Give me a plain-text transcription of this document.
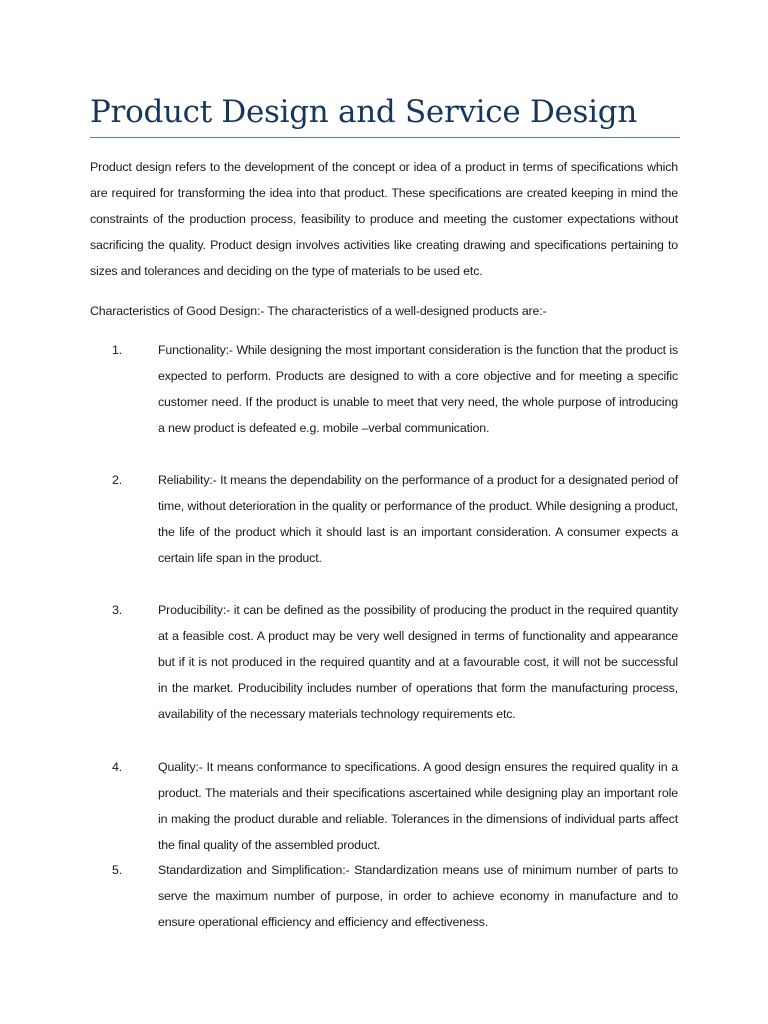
Product Design and Service Design

Product design refers to the development of the concept or idea of a product in terms of specifications which are required for transforming the idea into that product. These specifications are created keeping in mind the constraints of the production process, feasibility to produce and meeting the customer expectations without sacrificing the quality. Product design involves activities like creating drawing and specifications pertaining to sizes and tolerances and deciding on the type of materials to be used etc.

Characteristics of Good Design:- The characteristics of a well-designed products are:-

1.	Functionality:- While designing the most important consideration is the function that the product is expected to perform. Products are designed to with a core objective and for meeting a specific customer need. If the product is unable to meet that very need, the whole purpose of introducing a new product is defeated e.g. mobile –verbal communication.

2.	Reliability:- It means the dependability on the performance of a product for a designated period of time, without deterioration in the quality or performance of the product. While designing a product, the life of the product which it should last is an important consideration. A consumer expects a certain life span in the product.

3.	Producibility:- it can be defined as the possibility of producing the product in the required quantity at a feasible cost. A product may be very well designed in terms of functionality and appearance but if it is not produced in the required quantity and at a favourable cost, it will not be successful in the market. Producibility includes number of operations that form the manufacturing process, availability of the necessary materials technology requirements etc.

4.	Quality:- It means conformance to specifications. A good design ensures the required quality in a product. The materials and their specifications ascertained while designing play an important role in making the product durable and reliable. Tolerances in the dimensions of individual parts affect the final quality of the assembled product.

5.	Standardization and Simplification:- Standardization means use of minimum number of parts to serve the maximum number of purpose, in order to achieve economy in manufacture and to ensure operational efficiency and efficiency and effectiveness.
